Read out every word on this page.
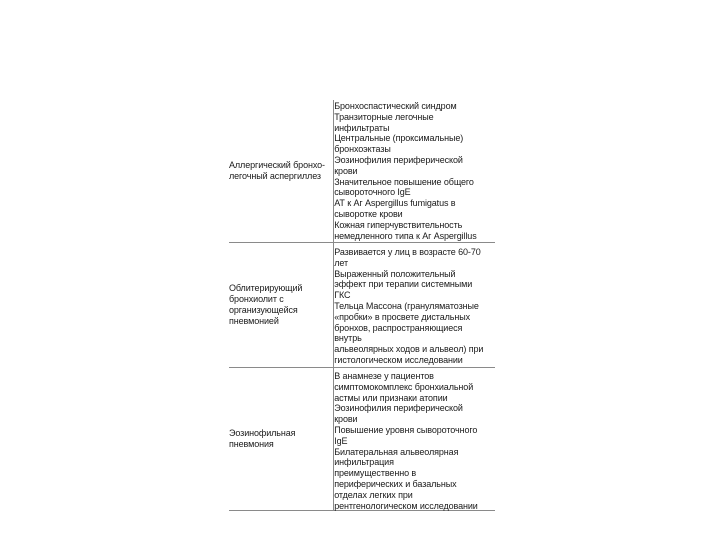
Аллергический бронхо-
легочный аспергиллез
Бронхоспастический синдром
Транзиторные легочные
инфильтраты
Центральные (проксимальные)
бронхоэктазы
Эозинофилия периферической
крови
Значительное повышение общего
сывороточного IgE
АТ к Аг Aspergillus fumigatus в
сыворотке крови
Кожная гиперчувствительность
немедленного типа к Аг Aspergillus
Облитерирующий
бронхиолит с
организующейся
пневмонией
Развивается у лиц в возрасте 60-70
лет
Выраженный положительный
эффект при терапии системными
ГКС
Тельца Массона (грануляматозные
«пробки» в просвете дистальных
бронхов, распространяющиеся
внутрь
альвеолярных ходов и альвеол) при
гистологическом исследовании
Эозинофильная
пневмония
В анамнезе у пациентов
симптомокомплекс бронхиальной
астмы или признаки атопии
Эозинофилия периферической
крови
Повышение уровня сывороточного
IgE
Билатеральная альвеолярная
инфильтрация
преимущественно в
периферических и базальных
отделах легких при
рентгенологическом исследовании
